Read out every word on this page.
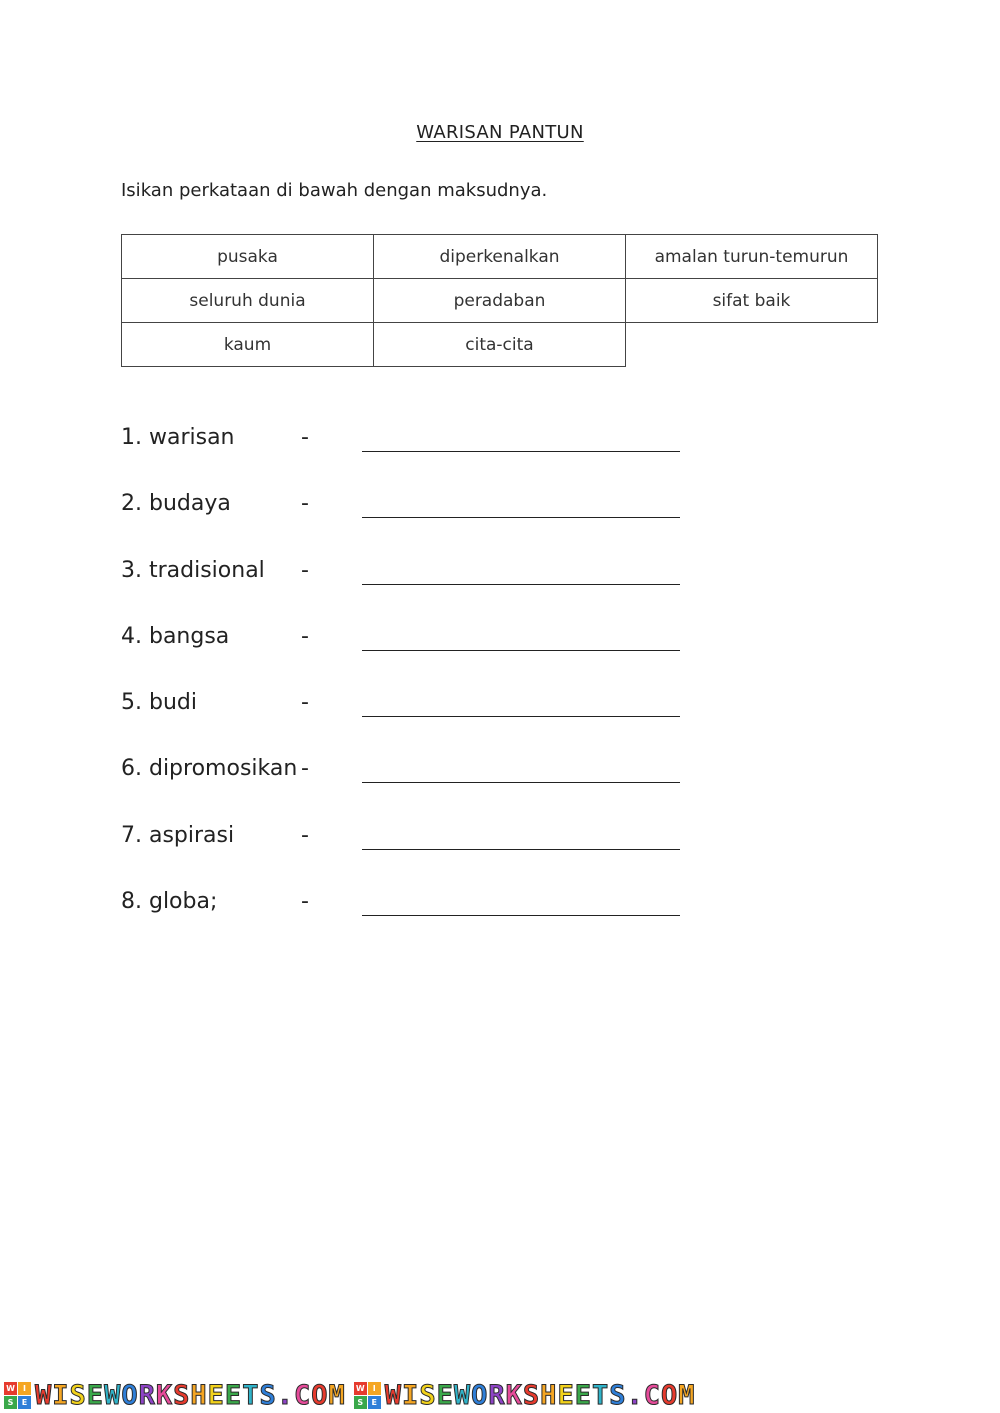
WARISAN PANTUN
Isikan perkataan di bawah dengan maksudnya.
pusaka	diperkenalkan	amalan turun-temurun
seluruh dunia	peradaban	sifat baik
kaum	cita-cita	
1. warisan	-
2. budaya	-
3. tradisional -
4. bangsa	-
5. budi	-
6. dipromosikan -
7. aspirasi	-
8. globa;	-
W	I
S	E WISEWORKSHEETS.COM W	I
S	E WISEWORKSHEETS.COM
